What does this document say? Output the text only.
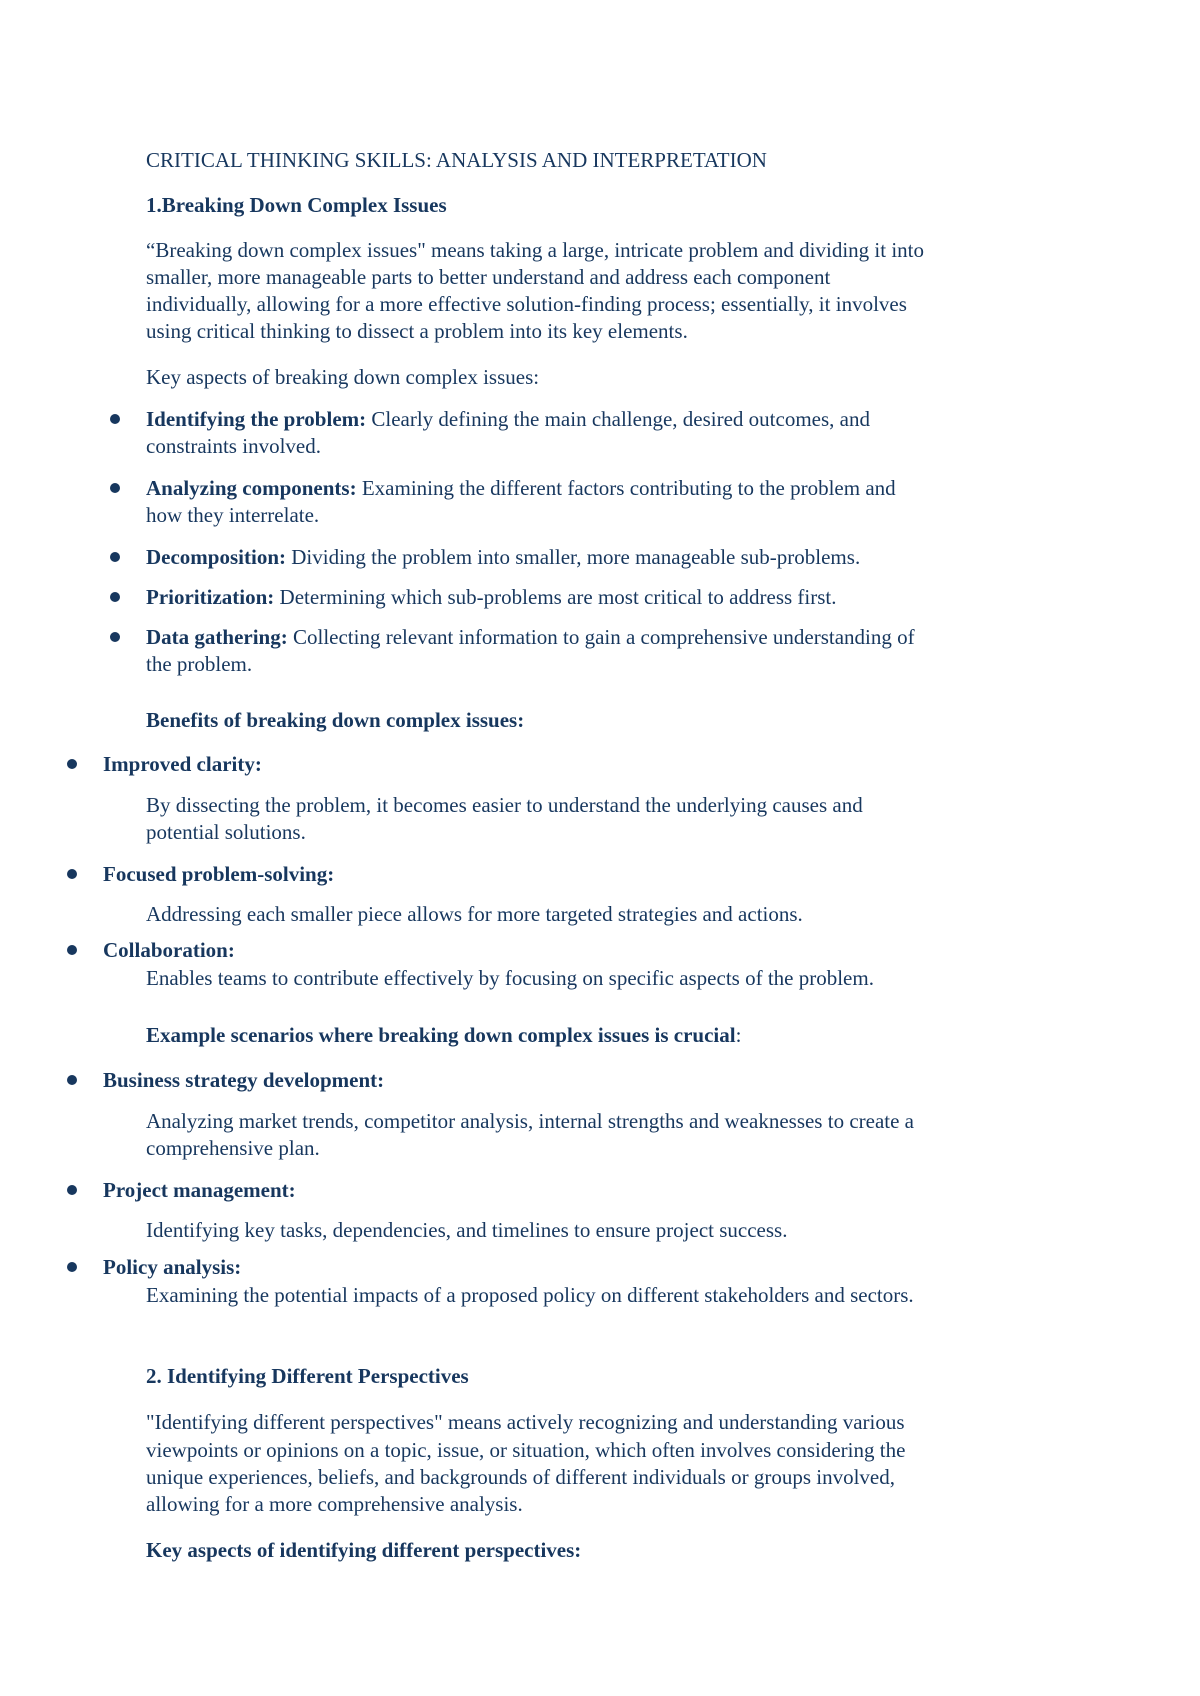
CRITICAL THINKING SKILLS: ANALYSIS AND INTERPRETATION

1.Breaking Down Complex Issues

“Breaking down complex issues" means taking a large, intricate problem and dividing it into

smaller, more manageable parts to better understand and address each component

individually, allowing for a more effective solution-finding process; essentially, it involves

using critical thinking to dissect a problem into its key elements.

Key aspects of breaking down complex issues:

Identifying the problem: Clearly defining the main challenge, desired outcomes, and

constraints involved.

Analyzing components: Examining the different factors contributing to the problem and

how they interrelate.

Decomposition: Dividing the problem into smaller, more manageable sub-problems.

Prioritization: Determining which sub-problems are most critical to address first.

Data gathering: Collecting relevant information to gain a comprehensive understanding of

the problem.

Benefits of breaking down complex issues:

Improved clarity:

By dissecting the problem, it becomes easier to understand the underlying causes and

potential solutions.

Focused problem-solving:

Addressing each smaller piece allows for more targeted strategies and actions.

Collaboration:

Enables teams to contribute effectively by focusing on specific aspects of the problem.

Example scenarios where breaking down complex issues is crucial:

Business strategy development:

Analyzing market trends, competitor analysis, internal strengths and weaknesses to create a

comprehensive plan.

Project management:

Identifying key tasks, dependencies, and timelines to ensure project success.

Policy analysis:

Examining the potential impacts of a proposed policy on different stakeholders and sectors.

2. Identifying Different Perspectives

"Identifying different perspectives" means actively recognizing and understanding various

viewpoints or opinions on a topic, issue, or situation, which often involves considering the

unique experiences, beliefs, and backgrounds of different individuals or groups involved,

allowing for a more comprehensive analysis.

Key aspects of identifying different perspectives:
